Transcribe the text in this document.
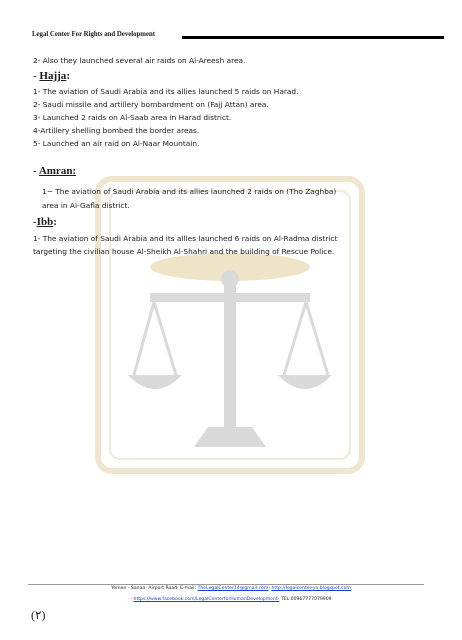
Legal Center For Rights and Development
2- Also they launched several air raids on Al-Areesh area.
- Hajja:
1- The aviation of Saudi Arabia and its allies launched 5 raids on Harad.
2- Saudi missile and artillery bombardment on (Fajj Attan) area.
3- Launched 2 raids on Al-Saab area in Harad district.
4-Artillery shelling bombed the border areas.
5- Launched an air raid on Al-Naar Mountain.
- Amran:
1− The aviation of Saudi Arabia and its allies launched 2 raids on (Tho Zaghba)
area in Al-Gafla district.
-Ibb:
1- The aviation of Saudi Arabia and its allies launched 6 raids on Al-Radma district
targeting the civilian house Al-Sheikh Al-Shahri and the building of Rescue Police.
Yemen - Sanaa- Airport Road- E-mail: TheLegalCenter14@gmail.com- http://legalcenter-ye.blogspot.com
- https://www.facebook.com/LegalCenterforHumanDevelopment- TEL:00967777079909
(٢)
